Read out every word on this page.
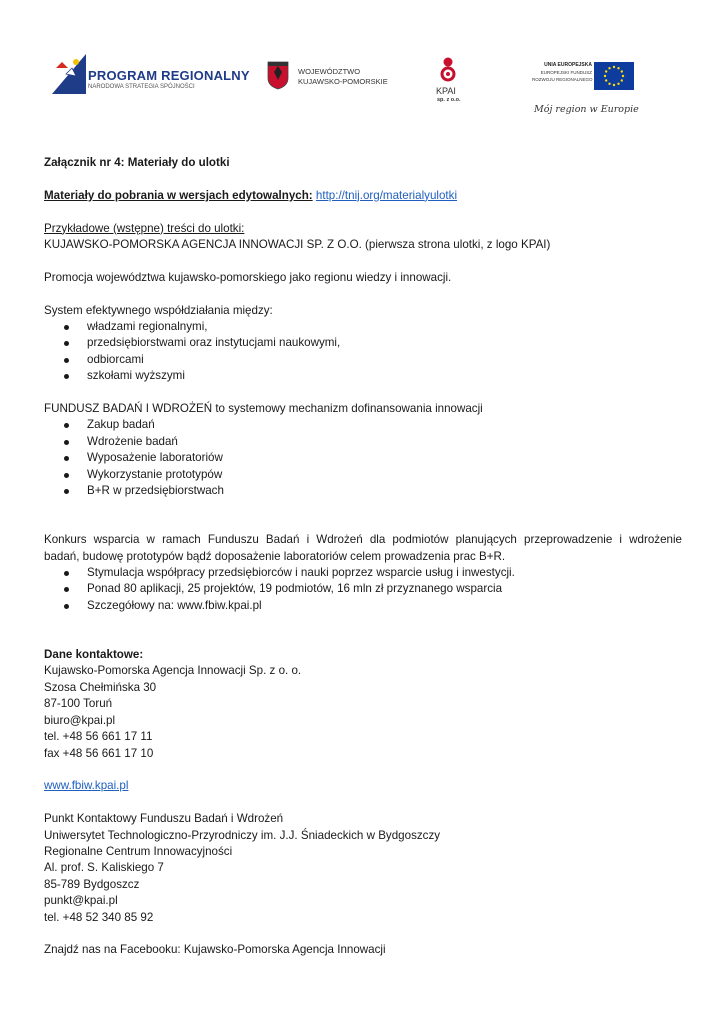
PROGRAM REGIONALNY
NARODOWA STRATEGIA SPÓJNOŚCI
WOJEWÓDZTWO
KUJAWSKO-POMORSKIE
KPAI
sp. z o.o.
UNIA EUROPEJSKA
EUROPEJSKI FUNDUSZ
ROZWOJU REGIONALNEGO
Mój region w Europie

Załącznik nr 4: Materiały do ulotki

Materiały do pobrania w wersjach edytowalnych: http://tnij.org/materialyulotki

Przykładowe (wstępne) treści do ulotki:

KUJAWSKO-POMORSKA AGENCJA INNOWACJI SP. Z O.O. (pierwsza strona ulotki, z logo KPAI)

Promocja województwa kujawsko-pomorskiego jako regionu wiedzy i innowacji.

System efektywnego współdziałania między:

władzami regionalnymi,
przedsiębiorstwami oraz instytucjami naukowymi,
odbiorcami
szkołami wyższymi

FUNDUSZ BADAŃ I WDROŻEŃ to systemowy mechanizm dofinansowania innowacji

Zakup badań
Wdrożenie badań
Wyposażenie laboratoriów
Wykorzystanie prototypów
B+R w przedsiębiorstwach

Konkurs wsparcia w ramach Funduszu Badań i Wdrożeń dla podmiotów planujących przeprowadzenie i wdrożenie

badań, budowę prototypów bądź doposażenie laboratoriów celem prowadzenia prac B+R.

Stymulacja współpracy przedsiębiorców i nauki poprzez wsparcie usług i inwestycji.
Ponad 80 aplikacji, 25 projektów, 19 podmiotów, 16 mln zł przyznanego wsparcia
Szczegółowy na: www.fbiw.kpai.pl

Dane kontaktowe:

Kujawsko-Pomorska Agencja Innowacji Sp. z o. o.

Szosa Chełmińska 30

87-100 Toruń

biuro@kpai.pl

tel. +48 56 661 17 11

fax +48 56 661 17 10

www.fbiw.kpai.pl

Punkt Kontaktowy Funduszu Badań i Wdrożeń

Uniwersytet Technologiczno-Przyrodniczy im. J.J. Śniadeckich w Bydgoszczy

Regionalne Centrum Innowacyjności

Al. prof. S. Kaliskiego 7

85-789 Bydgoszcz

punkt@kpai.pl

tel. +48 52 340 85 92

Znajdź nas na Facebooku: Kujawsko-Pomorska Agencja Innowacji
